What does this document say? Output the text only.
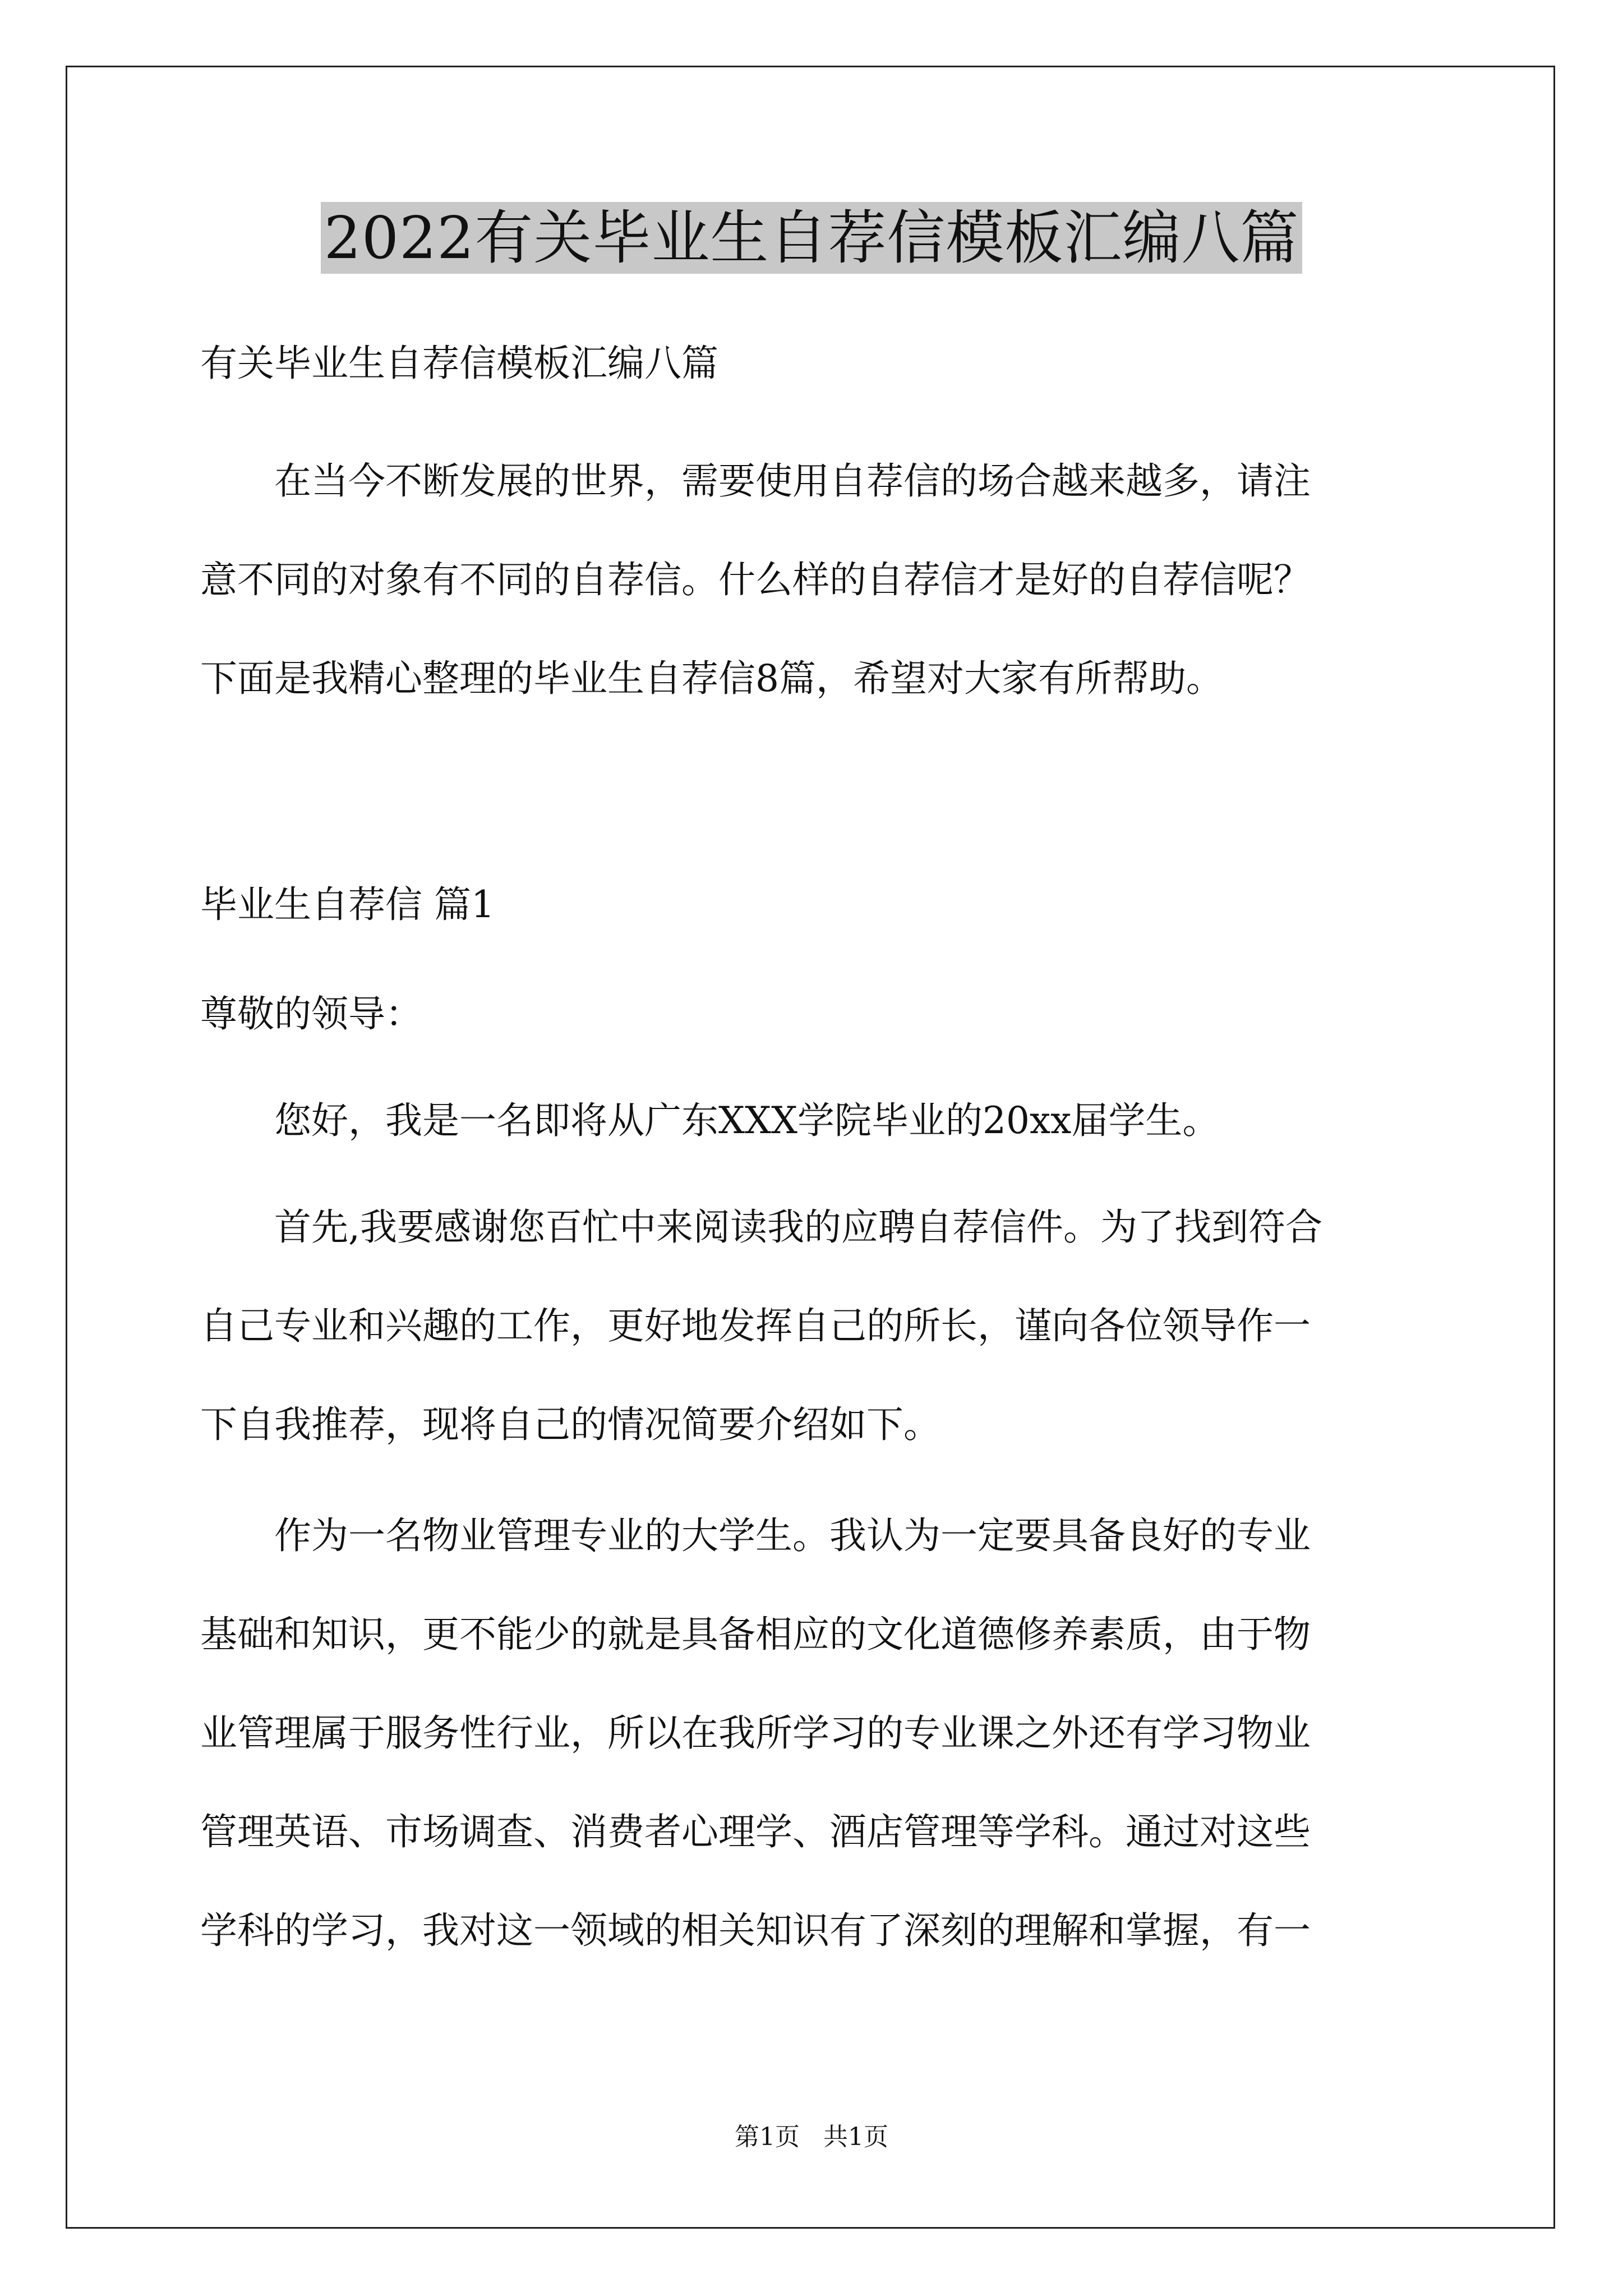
2022有关毕业生自荐信模板汇编八篇

有关毕业生自荐信模板汇编八篇

　　在当今不断发展的世界，需要使用自荐信的场合越来越多，请注

意不同的对象有不同的自荐信。什么样的自荐信才是好的自荐信呢？

下面是我精心整理的毕业生自荐信8篇，希望对大家有所帮助。

毕业生自荐信 篇1

尊敬的领导：

　　您好，我是一名即将从广东XXX学院毕业的20xx届学生。

　　首先,我要感谢您百忙中来阅读我的应聘自荐信件。为了找到符合

自己专业和兴趣的工作，更好地发挥自己的所长，谨向各位领导作一

下自我推荐，现将自己的情况简要介绍如下。

　　作为一名物业管理专业的大学生。我认为一定要具备良好的专业

基础和知识，更不能少的就是具备相应的文化道德修养素质，由于物

业管理属于服务性行业，所以在我所学习的专业课之外还有学习物业

管理英语、市场调查、消费者心理学、酒店管理等学科。通过对这些

学科的学习，我对这一领域的相关知识有了深刻的理解和掌握，有一

第1页 共1页
